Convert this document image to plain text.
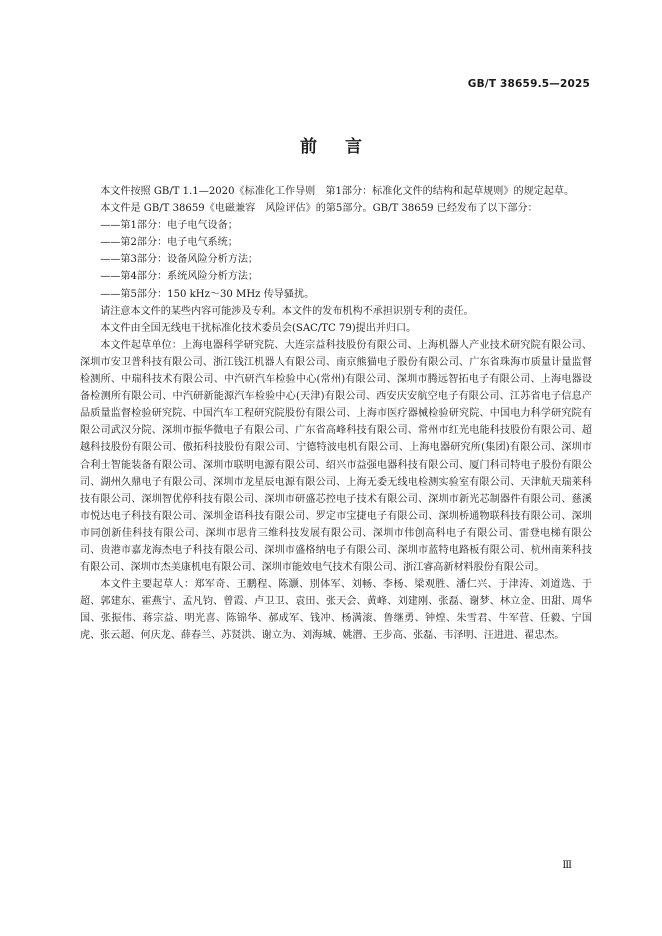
GB/T 38659.5—2025
前言

本文件按照 GB/T 1.1—2020《标准化工作导则　第1部分：标准化文件的结构和起草规则》的规定起草。

本文件是 GB/T 38659《电磁兼容　风险评估》的第5部分。GB/T 38659 已经发布了以下部分：

——第1部分：电子电气设备；

——第2部分：电子电气系统；

——第3部分：设备风险分析方法；

——第4部分：系统风险分析方法；

——第5部分：150 kHz～30 MHz 传导骚扰。

请注意本文件的某些内容可能涉及专利。本文件的发布机构不承担识别专利的责任。

本文件由全国无线电干扰标准化技术委员会(SAC/TC 79)提出并归口。

本文件起草单位：上海电器科学研究院、大连宗益科技股份有限公司、上海机器人产业技术研究院有限公司、深圳市安卫普科技有限公司、浙江钱江机器人有限公司、南京熊猫电子股份有限公司、广东省珠海市质量计量监督检测所、中瑞科技术有限公司、中汽研汽车检验中心(常州)有限公司、深圳市腾远智拓电子有限公司、上海电器设备检测所有限公司、中汽研新能源汽车检验中心(天津)有限公司、西安庆安航空电子有限公司、江苏省电子信息产品质量监督检验研究院、中国汽车工程研究院股份有限公司、上海市医疗器械检验研究院、中国电力科学研究院有限公司武汉分院、深圳市振华微电子有限公司、广东省高峰科技有限公司、常州市红光电能科技股份有限公司、超越科技股份有限公司、傲拓科技股份有限公司、宁德特波电机有限公司、上海电器研究所(集团)有限公司、深圳市合利士智能装备有限公司、深圳市联明电源有限公司、绍兴市益强电器科技有限公司、厦门科司特电子股份有限公司、湖州久鼎电子有限公司、深圳市龙星辰电源有限公司、上海无委无线电检测实验室有限公司、天津航天瑞莱科技有限公司、深圳智优停科技有限公司、深圳市研盛芯控电子技术有限公司、深圳市新光芯制器件有限公司、慈溪市悦达电子科技有限公司、深圳金语科技有限公司、罗定市宝捷电子有限公司、深圳桥通物联科技有限公司、深圳市同创新佳科技有限公司、深圳市思肯三维科技发展有限公司、深圳市伟创高科电子有限公司、雷登电梯有限公司、贵港市嘉龙海杰电子科技有限公司、深圳市盛格纳电子有限公司、深圳市蓝特电路板有限公司、杭州南莱科技有限公司、深圳市杰美康机电有限公司、深圳市能效电气技术有限公司、浙江睿高新材料股份有限公司。

本文件主要起草人：郑军奇、王鹏程、陈灏、別体军、刘畅、李杨、梁观胜、潘仁兴、于津涛、刘道选、于超、郭建东、霍燕宁、孟凡钧、曾霞、卢卫卫、袁田、张天会、黄峰、刘建刚、张磊、谢梦、林立金、田甜、周华国、张振伟、蒋宗益、明光喜、陈锦华、郝成军、钱冲、杨满滚、鲁继勇、钟煌、朱雪君、牛军营、任毅、宁国虎、张云超、何庆龙、薛春兰、苏贤洪、谢立为、刘海城、姚潜、王步高、张磊、韦泽明、汪进进、翟忠杰。

Ⅲ
